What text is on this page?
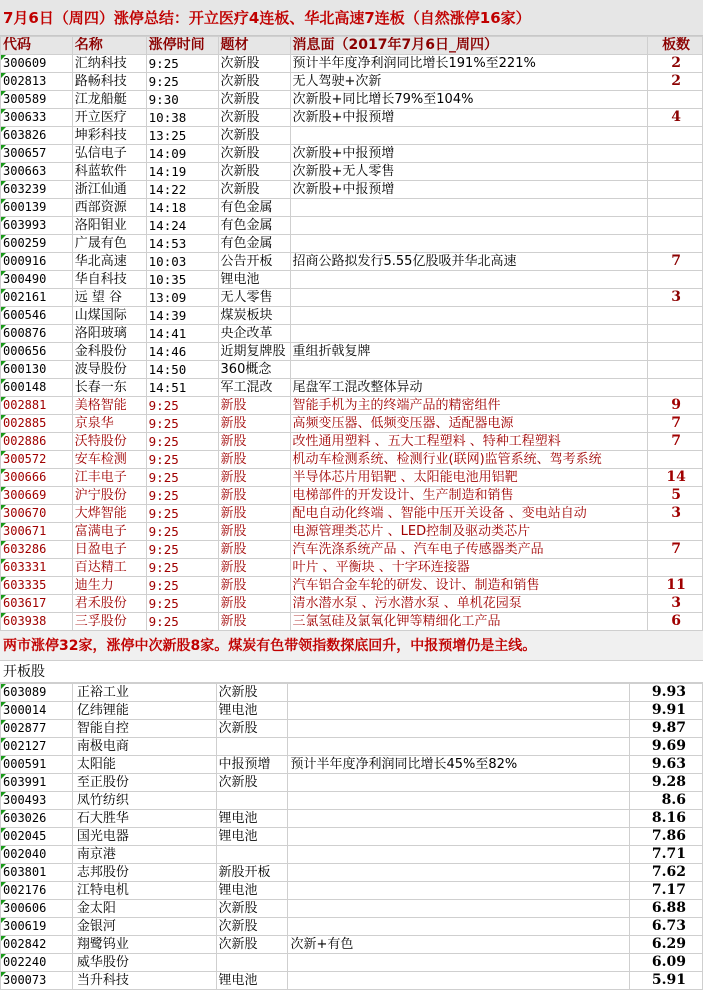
7月6日（周四）涨停总结：开立医疗4连板、华北高速7连板（自然涨停16家）
代码	名称	涨停时间	题材	消息面（2017年7月6日_周四）	板数
300609	汇纳科技	9:25	次新股	预计半年度净利润同比增长191%至221%	2
002813	路畅科技	9:25	次新股	无人驾驶+次新	2
300589	江龙船艇	9:30	次新股	次新股+同比增长79%至104%	
300633	开立医疗	10:38	次新股	次新股+中报预增	4
603826	坤彩科技	13:25	次新股		
300657	弘信电子	14:09	次新股	次新股+中报预增	
300663	科蓝软件	14:19	次新股	次新股+无人零售	
603239	浙江仙通	14:22	次新股	次新股+中报预增	
600139	西部资源	14:18	有色金属		
603993	洛阳钼业	14:24	有色金属		
600259	广晟有色	14:53	有色金属		
000916	华北高速	10:03	公告开板	招商公路拟发行5.55亿股吸并华北高速	7
300490	华自科技	10:35	锂电池		
002161	远 望 谷	13:09	无人零售		3
600546	山煤国际	14:39	煤炭板块		
600876	洛阳玻璃	14:41	央企改革		
000656	金科股份	14:46	近期复牌股	重组折戟复牌	
600130	波导股份	14:50	360概念		
600148	长春一东	14:51	军工混改	尾盘军工混改整体异动	
002881	美格智能	9:25	新股	智能手机为主的终端产品的精密组件	9
002885	京泉华	9:25	新股	高频变压器、低频变压器、适配器电源	7
002886	沃特股份	9:25	新股	改性通用塑料 、五大工程塑料 、特种工程塑料	7
300572	安车检测	9:25	新股	机动车检测系统、检测行业(联网)监管系统、驾考系统	
300666	江丰电子	9:25	新股	半导体芯片用铝靶 、太阳能电池用铝靶	14
300669	沪宁股份	9:25	新股	电梯部件的开发设计、生产制造和销售	5
300670	大烨智能	9:25	新股	配电自动化终端 、智能中压开关设备 、变电站自动	3
300671	富满电子	9:25	新股	电源管理类芯片 、LED控制及驱动类芯片	
603286	日盈电子	9:25	新股	汽车洗涤系统产品 、汽车电子传感器类产品	7
603331	百达精工	9:25	新股	叶片 、平衡块 、十字环连接器	
603335	迪生力	9:25	新股	汽车铝合金车轮的研发、设计、制造和销售	11
603617	君禾股份	9:25	新股	清水潜水泵 、污水潜水泵 、单机花园泵	3
603938	三孚股份	9:25	新股	三氯氢硅及氯氧化钾等精细化工产品	6
两市涨停32家，涨停中次新股8家。煤炭有色带领指数探底回升，中报预增仍是主线。
开板股
603089	正裕工业	次新股		9.93
300014	亿纬锂能	锂电池		9.91
002877	智能自控	次新股		9.87
002127	南极电商			9.69
000591	太阳能	中报预增	预计半年度净利润同比增长45%至82%	9.63
603991	至正股份	次新股		9.28
300493	凤竹纺织			8.6
603026	石大胜华	锂电池		8.16
002045	国光电器	锂电池		7.86
002040	南京港			7.71
603801	志邦股份	新股开板		7.62
002176	江特电机	锂电池		7.17
300606	金太阳	次新股		6.88
300619	金银河	次新股		6.73
002842	翔鹭钨业	次新股	次新+有色	6.29
002240	威华股份			6.09
300073	当升科技	锂电池		5.91
